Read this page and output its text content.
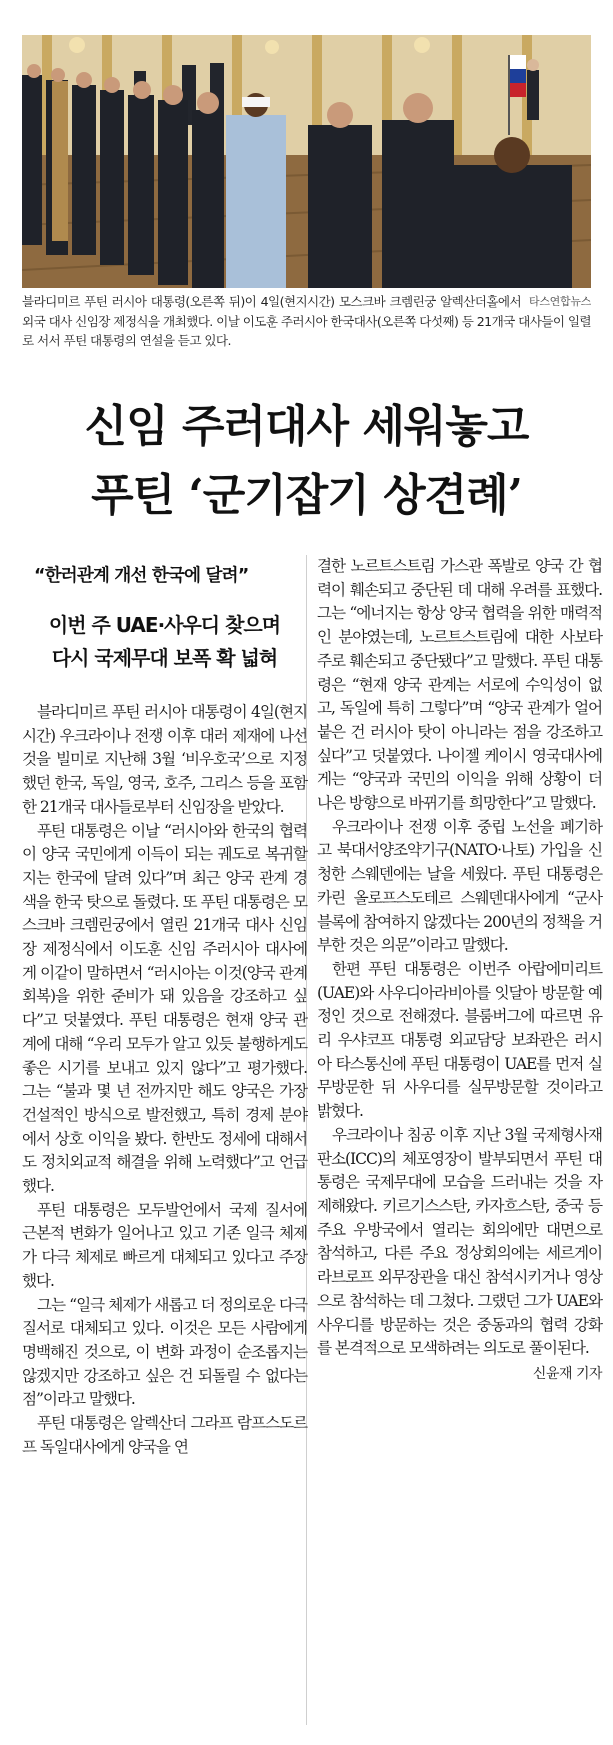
타스연합뉴스
블라디미르 푸틴 러시아 대통령(오른쪽 뒤)이 4일(현지시간) 모스크바 크렘린궁 알렉산더홀에서 외국 대사 신임장 제정식을 개최했다. 이날 이도훈 주러시아 한국대사(오른쪽 다섯째) 등 21개국 대사들이 일렬로 서서 푸틴 대통령의 연설을 듣고 있다.
신임 주러대사 세워놓고
푸틴 ‘군기잡기 상견례’
“한러관계 개선 한국에 달려”
이번 주 UAE·사우디 찾으며
다시 국제무대 보폭 확 넓혀

블라디미르 푸틴 러시아 대통령이 4일(현지시간) 우크라이나 전쟁 이후 대러 제재에 나선 것을 빌미로 지난해 3월 ‘비우호국’으로 지정했던 한국, 독일, 영국, 호주, 그리스 등을 포함한 21개국 대사들로부터 신임장을 받았다.

푸틴 대통령은 이날 “러시아와 한국의 협력이 양국 국민에게 이득이 되는 궤도로 복귀할지는 한국에 달려 있다”며 최근 양국 관계 경색을 한국 탓으로 돌렸다. 또 푸틴 대통령은 모스크바 크렘린궁에서 열린 21개국 대사 신임장 제정식에서 이도훈 신임 주러시아 대사에게 이같이 말하면서 “러시아는 이것(양국 관계 회복)을 위한 준비가 돼 있음을 강조하고 싶다”고 덧붙였다. 푸틴 대통령은 현재 양국 관계에 대해 “우리 모두가 알고 있듯 불행하게도 좋은 시기를 보내고 있지 않다”고 평가했다. 그는 “불과 몇 년 전까지만 해도 양국은 가장 건설적인 방식으로 발전했고, 특히 경제 분야에서 상호 이익을 봤다. 한반도 정세에 대해서도 정치외교적 해결을 위해 노력했다”고 언급했다.

푸틴 대통령은 모두발언에서 국제 질서에 근본적 변화가 일어나고 있고 기존 일극 체제가 다극 체제로 빠르게 대체되고 있다고 주장했다.

그는 “일극 체제가 새롭고 더 정의로운 다극 질서로 대체되고 있다. 이것은 모든 사람에게 명백해진 것으로, 이 변화 과정이 순조롭지는 않겠지만 강조하고 싶은 건 되돌릴 수 없다는 점”이라고 말했다.

푸틴 대통령은 알렉산더 그라프 람프스도르프 독일대사에게 양국을 연

결한 노르트스트림 가스관 폭발로 양국 간 협력이 훼손되고 중단된 데 대해 우려를 표했다. 그는 “에너지는 항상 양국 협력을 위한 매력적인 분야였는데, 노르트스트림에 대한 사보타주로 훼손되고 중단됐다”고 말했다. 푸틴 대통령은 “현재 양국 관계는 서로에 수익성이 없고, 독일에 특히 그렇다”며 “양국 관계가 얼어붙은 건 러시아 탓이 아니라는 점을 강조하고 싶다”고 덧붙였다. 나이젤 케이시 영국대사에게는 “양국과 국민의 이익을 위해 상황이 더 나은 방향으로 바뀌기를 희망한다”고 말했다.

우크라이나 전쟁 이후 중립 노선을 폐기하고 북대서양조약기구(NATO·나토) 가입을 신청한 스웨덴에는 날을 세웠다. 푸틴 대통령은 카린 올로프스도테르 스웨덴대사에게 “군사 블록에 참여하지 않겠다는 200년의 정책을 거부한 것은 의문”이라고 말했다.

한편 푸틴 대통령은 이번주 아랍에미리트(UAE)와 사우디아라비아를 잇달아 방문할 예정인 것으로 전해졌다. 블룸버그에 따르면 유리 우샤코프 대통령 외교담당 보좌관은 러시아 타스통신에 푸틴 대통령이 UAE를 먼저 실무방문한 뒤 사우디를 실무방문할 것이라고 밝혔다.

우크라이나 침공 이후 지난 3월 국제형사재판소(ICC)의 체포영장이 발부되면서 푸틴 대통령은 국제무대에 모습을 드러내는 것을 자제해왔다. 키르기스스탄, 카자흐스탄, 중국 등 주요 우방국에서 열리는 회의에만 대면으로 참석하고, 다른 주요 정상회의에는 세르게이 라브로프 외무장관을 대신 참석시키거나 영상으로 참석하는 데 그쳤다. 그랬던 그가 UAE와 사우디를 방문하는 것은 중동과의 협력 강화를 본격적으로 모색하려는 의도로 풀이된다.

신윤재 기자
